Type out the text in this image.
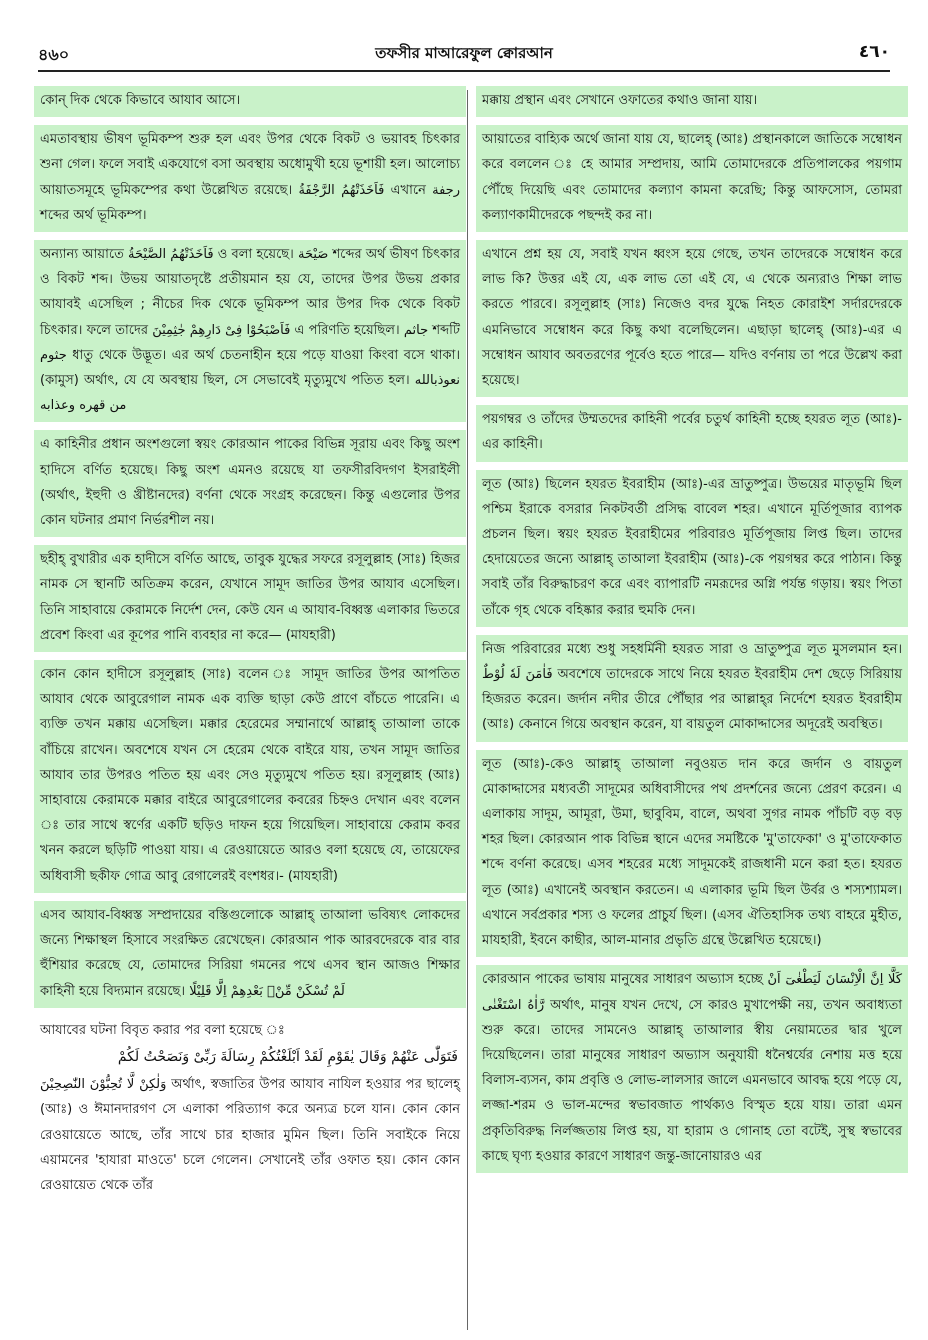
৪৬০	তফসীর মাআরেফুল ক্বোরআন	٤٦٠
কোন্ দিক থেকে কিভাবে আযাব আসে।
এমতাবস্থায় ভীষণ ভূমিকম্প শুরু হল এবং উপর থেকে বিকট ও ভয়াবহ চিৎকার শুনা গেল। ফলে সবাই একযোগে বসা অবস্থায় অধোমুখী হয়ে ভূশায়ী হল। আলোচ্য আয়াতসমূহে ভূমিকম্পের কথা উল্লেখিত রয়েছে। فَاَخَذَتْهُمُ الرَّجْفَةُ এখানে رجفة শব্দের অর্থ ভূমিকম্প।
অন্যান্য আয়াতে فَاَخَذَتْهُمُ الصَّيْحَةُ ও বলা হয়েছে। صَيْحَة শব্দের অর্থ ভীষণ চিৎকার ও বিকট শব্দ। উভয় আয়াতদৃষ্টে প্রতীয়মান হয় যে, তাদের উপর উভয় প্রকার আযাবই এসেছিল ; নীচের দিক থেকে ভূমিকম্প আর উপর দিক থেকে বিকট চিৎকার। ফলে তাদের فَاَصْبَحُوْا فِىْ دَارِهِمْ جٰثِمِيْنَ এ পরিণতি হয়েছিল। جاثم শব্দটি جثوم ধাতু থেকে উদ্ভূত। এর অর্থ চেতনাহীন হয়ে পড়ে যাওয়া কিংবা বসে থাকা। (কামুস) অর্থাৎ, যে যে অবস্থায় ছিল, সে সেভাবেই মৃত্যুমুখে পতিত হল। نعوذبالله من قهره وعذابه
এ কাহিনীর প্রধান অংশগুলো স্বয়ং কোরআন পাকের বিভিন্ন সূরায় এবং কিছু অংশ হাদিসে বর্ণিত হয়েছে। কিছু অংশ এমনও রয়েছে যা তফসীরবিদগণ ইসরাইলী (অর্থাৎ, ইহুদী ও খ্রীষ্টানদের) বর্ণনা থেকে সংগ্রহ করেছেন। কিন্তু এগুলোর উপর কোন ঘটনার প্রমাণ নির্ভরশীল নয়।
ছহীহ্ বুখারীর এক হাদীসে বর্ণিত আছে, তাবুক যুদ্ধের সফরে রসূলুল্লাহ (সাঃ) হিজর নামক সে স্থানটি অতিক্রম করেন, যেখানে সামূদ জাতির উপর আযাব এসেছিল। তিনি সাহাবায়ে কেরামকে নির্দেশ দেন, কেউ যেন এ আযাব-বিধ্বস্ত এলাকার ভিতরে প্রবেশ কিংবা এর কূপের পানি ব্যবহার না করে— (মাযহারী)
কোন কোন হাদীসে রসূলুল্লাহ (সাঃ) বলেন ঃ সামূদ জাতির উপর আপতিত আযাব থেকে আবুরেগাল নামক এক ব্যক্তি ছাড়া কেউ প্রাণে বাঁচতে পারেনি। এ ব্যক্তি তখন মক্কায় এসেছিল। মক্কার হেরেমের সম্মানার্থে আল্লাহ্ তাআলা তাকে বাঁচিয়ে রাখেন। অবশেষে যখন সে হেরেম থেকে বাইরে যায়, তখন সামূদ জাতির আযাব তার উপরও পতিত হয় এবং সেও মৃত্যুমুখে পতিত হয়। রসূলুল্লাহ (আঃ) সাহাবায়ে কেরামকে মক্কার বাইরে আবুরেগালের কবরের চিহ্নও দেখান এবং বলেন ঃ তার সাথে স্বর্ণের একটি ছড়িও দাফন হয়ে গিয়েছিল। সাহাবায়ে কেরাম কবর খনন করলে ছড়িটি পাওয়া যায়। এ রেওয়ায়েতে আরও বলা হয়েছে যে, তায়েফের অধিবাসী ছকীফ গোত্র আবু রেগালেরই বংশধর।- (মাযহারী)
এসব আযাব-বিধ্বস্ত সম্প্রদায়ের বস্তিগুলোকে আল্লাহ্ তাআলা ভবিষ্যৎ লোকদের জন্যে শিক্ষাস্থল হিসাবে সংরক্ষিত রেখেছেন। কোরআন পাক আরবদেরকে বার বার হুঁশিয়ার করেছে যে, তোমাদের সিরিয়া গমনের পথে এসব স্থান আজও শিক্ষার কাহিনী হয়ে বিদ্যমান রয়েছে। لَمْ تُسْكَنْ مِّنْۢ بَعْدِهِمْ اِلَّا قَلِيْلًا
আযাবের ঘটনা বিবৃত করার পর বলা হয়েছে ঃ
فَتَوَلّٰى عَنْهُمْ وَقَالَ يٰقَوْمِ لَقَدْ اَبْلَغْتُكُمْ رِسَالَةَ رَبِّىْ وَنَصَحْتُ لَكُمْ
وَلٰكِنْ لَّا تُحِبُّوْنَ النّٰصِحِيْنَ অর্থাৎ, স্বজাতির উপর আযাব নাযিল হওয়ার পর ছালেহ্ (আঃ) ও ঈমানদারগণ সে এলাকা পরিত্যাগ করে অন্যত্র চলে যান। কোন কোন রেওয়ায়েতে আছে, তাঁর সাথে চার হাজার মুমিন ছিল। তিনি সবাইকে নিয়ে এয়ামনের 'হাযারা মাওতে' চলে গেলেন। সেখানেই তাঁর ওফাত হয়। কোন কোন রেওয়ায়েত থেকে তাঁর
মক্কায় প্রস্থান এবং সেখানে ওফাতের কথাও জানা যায়।
আয়াতের বাহ্যিক অর্থে জানা যায় যে, ছালেহ্ (আঃ) প্রস্থানকালে জাতিকে সম্বোধন করে বললেন ঃ হে আমার সম্প্রদায়, আমি তোমাদেরকে প্রতিপালকের পয়গাম পৌঁছে দিয়েছি এবং তোমাদের কল্যাণ কামনা করেছি; কিন্তু আফসোস, তোমরা কল্যাণকামীদেরকে পছন্দই কর না।
এখানে প্রশ্ন হয় যে, সবাই যখন ধ্বংস হয়ে গেছে, তখন তাদেরকে সম্বোধন করে লাভ কি? উত্তর এই যে, এক লাভ তো এই যে, এ থেকে অন্যরাও শিক্ষা লাভ করতে পারবে। রসূলুল্লাহ (সাঃ) নিজেও বদর যুদ্ধে নিহত কোরাইশ সর্দারদেরকে এমনিভাবে সম্বোধন করে কিছু কথা বলেছিলেন। এছাড়া ছালেহ্ (আঃ)-এর এ সম্বোধন আযাব অবতরণের পূর্বেও হতে পারে— যদিও বর্ণনায় তা পরে উল্লেখ করা হয়েছে।
পয়গম্বর ও তাঁদের উম্মতদের কাহিনী পর্বের চতুর্থ কাহিনী হচ্ছে হযরত লূত (আঃ)-এর কাহিনী।
লূত (আঃ) ছিলেন হযরত ইবরাহীম (আঃ)-এর ভ্রাতুষ্পুত্র। উভয়ের মাতৃভূমি ছিল পশ্চিম ইরাকে বসরার নিকটবর্তী প্রসিদ্ধ বাবেল শহর। এখানে মূর্তিপূজার ব্যাপক প্রচলন ছিল। স্বয়ং হযরত ইবরাহীমের পরিবারও মূর্তিপূজায় লিপ্ত ছিল। তাদের হেদায়েতের জন্যে আল্লাহ্ তাআলা ইবরাহীম (আঃ)-কে পয়গম্বর করে পাঠান। কিন্তু সবাই তাঁর বিরুদ্ধাচরণ করে এবং ব্যাপারটি নমরূদের অগ্নি পর্যন্ত গড়ায়। স্বয়ং পিতা তাঁকে গৃহ থেকে বহিষ্কার করার হুমকি দেন।
নিজ পরিবারের মধ্যে শুধু সহধর্মিনী হযরত সারা ও ভ্রাতুষ্পুত্র লূত মুসলমান হন। فَاٰمَنَ لَهٗ لُوْطٌ অবশেষে তাদেরকে সাথে নিয়ে হযরত ইবরাহীম দেশ ছেড়ে সিরিয়ায় হিজরত করেন। জর্দান নদীর তীরে পৌঁছার পর আল্লাহ্‌র নির্দেশে হযরত ইবরাহীম (আঃ) কেনানে গিয়ে অবস্থান করেন, যা বায়তুল মোকাদ্দাসের অদূরেই অবস্থিত।
লূত (আঃ)-কেও আল্লাহ্ তাআলা নবুওয়ত দান করে জর্দান ও বায়তুল মোকাদ্দাসের মধ্যবর্তী সাদূমের অধিবাসীদের পথ প্রদর্শনের জন্যে প্রেরণ করেন। এ এলাকায় সাদূম, আমূরা, উমা, ছাবুবিম, বালে, অথবা সুগর নামক পাঁচটি বড় বড় শহর ছিল। কোরআন পাক বিভিন্ন স্থানে এদের সমষ্টিকে 'মু'তাফেকা' ও মু'তাফেকাত শব্দে বর্ণনা করেছে। এসব শহরের মধ্যে সাদূমকেই রাজধানী মনে করা হত। হযরত লূত (আঃ) এখানেই অবস্থান করতেন। এ এলাকার ভূমি ছিল উর্বর ও শস্যশ্যামল। এখানে সর্বপ্রকার শস্য ও ফলের প্রাচুর্য ছিল। (এসব ঐতিহাসিক তথ্য বাহরে মুহীত, মাযহারী, ইবনে কাছীর, আল-মানার প্রভৃতি গ্রন্থে উল্লেখিত হয়েছে।)
কোরআন পাকের ভাষায় মানুষের সাধারণ অভ্যাস হচ্ছে كَلَّا اِنَّ الْاِنْسَانَ لَيَطْغٰىٓ اَنْ رَّاٰهُ اسْتَغْنٰى অর্থাৎ, মানুষ যখন দেখে, সে কারও মুখাপেক্ষী নয়, তখন অবাধ্যতা শুরু করে। তাদের সামনেও আল্লাহ্ তাআলার স্বীয় নেয়ামতের দ্বার খুলে দিয়েছিলেন। তারা মানুষের সাধারণ অভ্যাস অনুযায়ী ধনৈশ্বর্যের নেশায় মত্ত হয়ে বিলাস-ব্যসন, কাম প্রবৃত্তি ও লোভ-লালসার জালে এমনভাবে আবদ্ধ হয়ে পড়ে যে, লজ্জা-শরম ও ভাল-মন্দের স্বভাবজাত পার্থক্যও বিস্মৃত হয়ে যায়। তারা এমন প্রকৃতিবিরুদ্ধ নির্লজ্জতায় লিপ্ত হয়, যা হারাম ও গোনাহ তো বটেই, সুস্থ স্বভাবের কাছে ঘৃণ্য হওয়ার কারণে সাধারণ জন্তু-জানোয়ারও এর
